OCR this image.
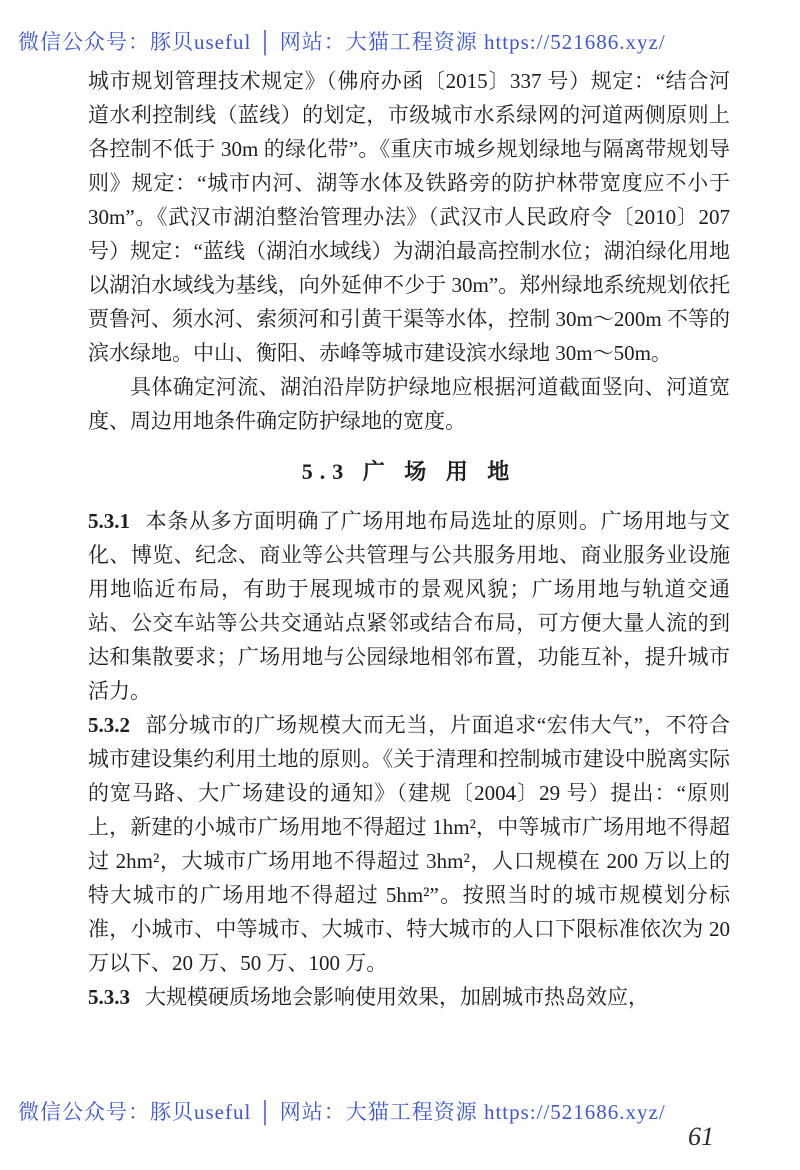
微信公众号：豚贝useful │ 网站：大猫工程资源 https://521686.xyz/

城市规划管理技术规定》（佛府办函〔2015〕337 号）规定：“结合河道水利控制线（蓝线）的划定，市级城市水系绿网的河道两侧原则上各控制不低于 30m 的绿化带”。《重庆市城乡规划绿地与隔离带规划导则》规定：“城市内河、湖等水体及铁路旁的防护林带宽度应不小于 30m”。《武汉市湖泊整治管理办法》（武汉市人民政府令〔2010〕207 号）规定：“蓝线（湖泊水域线）为湖泊最高控制水位；湖泊绿化用地以湖泊水域线为基线，向外延伸不少于 30m”。郑州绿地系统规划依托贾鲁河、须水河、索须河和引黄干渠等水体，控制 30m～200m 不等的滨水绿地。中山、衡阳、赤峰等城市建设滨水绿地 30m～50m。

具体确定河流、湖泊沿岸防护绿地应根据河道截面竖向、河道宽度、周边用地条件确定防护绿地的宽度。

5.3 广 场 用 地

5.3.1 本条从多方面明确了广场用地布局选址的原则。广场用地与文化、博览、纪念、商业等公共管理与公共服务用地、商业服务业设施用地临近布局，有助于展现城市的景观风貌；广场用地与轨道交通站、公交车站等公共交通站点紧邻或结合布局，可方便大量人流的到达和集散要求；广场用地与公园绿地相邻布置，功能互补，提升城市活力。

5.3.2 部分城市的广场规模大而无当，片面追求“宏伟大气”，不符合城市建设集约利用土地的原则。《关于清理和控制城市建设中脱离实际的宽马路、大广场建设的通知》（建规〔2004〕29 号）提出：“原则上，新建的小城市广场用地不得超过 1hm²，中等城市广场用地不得超过 2hm²，大城市广场用地不得超过 3hm²，人口规模在 200 万以上的特大城市的广场用地不得超过 5hm²”。按照当时的城市规模划分标准，小城市、中等城市、大城市、特大城市的人口下限标准依次为 20 万以下、20 万、50 万、100 万。

5.3.3 大规模硬质场地会影响使用效果，加剧城市热岛效应，

微信公众号：豚贝useful │ 网站：大猫工程资源 https://521686.xyz/
61
